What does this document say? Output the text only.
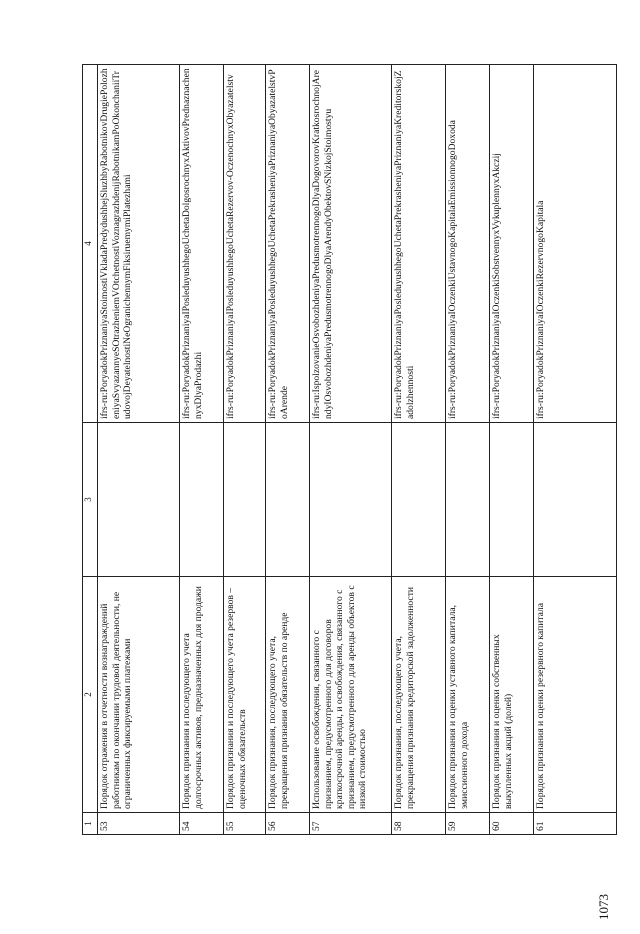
1073
1	2	3	4
53	Порядок отражения в отчетности вознаграждений работникам по окончании трудовой деятельности, не ограниченных фиксируемыми платежами		ifrs-ru:PoryadokPriznaniyaStoimostiVkladaPredydushhejSluzhbyRabotnikovDrugiePolozheniyaSvyazannyeSOtrazheniemVOtchetnostiVoznagrazhdenijRabotnikamPoOkonchaniiTrudovojDeyatelnostiNeOgranichennymFiksiruemymiPlatezhami
54	Порядок признания и последующего учета долгосрочных активов, предназначенных для продажи		ifrs-ru:PoryadokPriznaniyaIPosleduyushhegoUchetaDolgosrochnyxAktivovPrednaznachennyxDlyaProdazhi
55	Порядок признания и последующего учета резервов – оценочных обязательств		ifrs-ru:PoryadokPriznaniyaIPosleduyushhegoUchetaRezervov-OczenochnyxObyazatelstv
56	Порядок признания, последующего учета, прекращения признания обязательств по аренде		ifrs-ru:PoryadokPriznaniyaPosleduyushhegoUchetaPrekrasheniyaPriznaniyaObyazatelstvPoArende
57	Использование освобождения, связанного с признанием, предусмотренного для договоров краткосрочной аренды, и освобождения, связанного с признанием, предусмотренного для аренды объектов с низкой стоимостью		ifrs-ru:IspolzovanieOsvobozhdeniyaPredusmotrennogoDlyaDogovorovKratkosrochnojArendyIOsvobozhdeniyaPredusmotrennogoDlyaArendyObektovSNizkojStoimostyu
58	Порядок признания, последующего учета, прекращения признания кредиторской задолженности		ifrs-ru:PoryadokPriznaniyaPosleduyushhegoUchetaPrekrasheniyaPriznaniyaKreditorskojZadolzhennosti
59	Порядок признания и оценки уставного капитала, эмиссионного дохода		ifrs-ru:PoryadokPriznaniyaIOczenkiUstavnogoKapitalaEmissionnogoDoxoda
60	Порядок признания и оценки собственных выкупленных акций (долей)		ifrs-ru:PoryadokPriznaniyaIOczenkiSobstvennyxVykuplennyxAkczij
61	Порядок признания и оценки резервного капитала		ifrs-ru:PoryadokPriznaniyaIOczenkiRezervnogoKapitala
